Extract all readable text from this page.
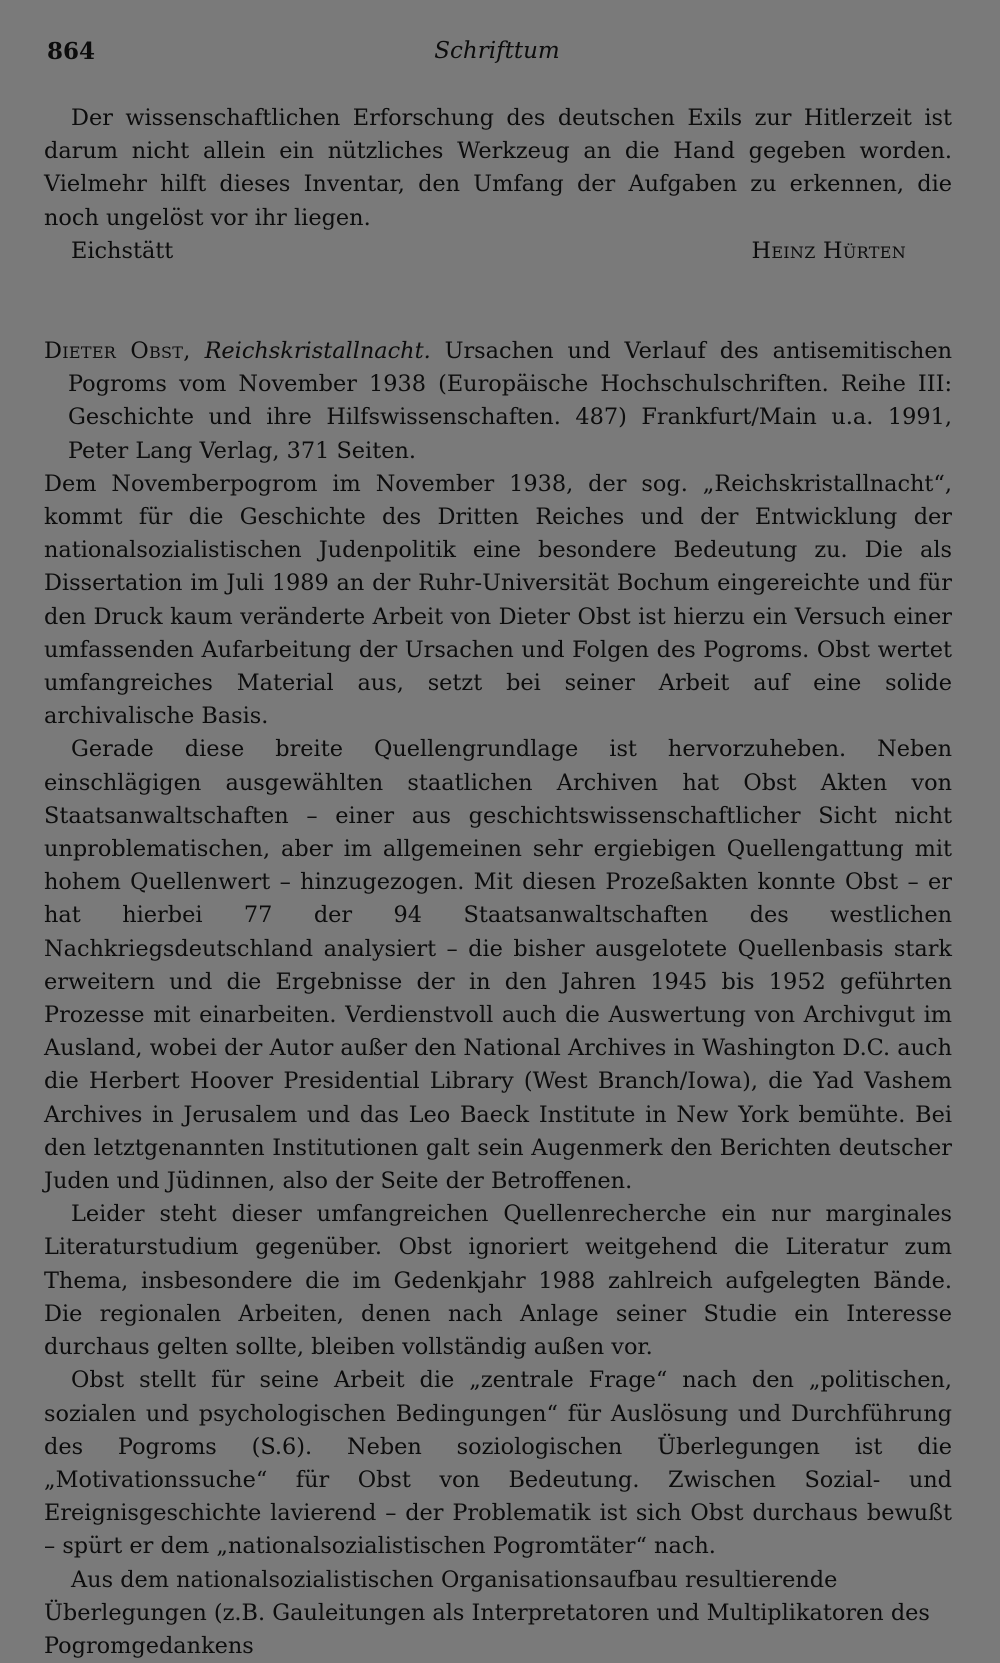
864	Schrifttum

Der wissenschaftlichen Erforschung des deutschen Exils zur Hitlerzeit ist darum nicht allein ein nützliches Werkzeug an die Hand gegeben worden. Vielmehr hilft dieses Inventar, den Umfang der Aufgaben zu erkennen, die noch ungelöst vor ihr liegen.

Eichstätt	Heinz Hürten

Dieter Obst, Reichskristallnacht. Ursachen und Verlauf des antisemitischen Pogroms vom November 1938 (Europäische Hochschulschriften. Reihe III: Geschichte und ihre Hilfswissenschaften. 487) Frankfurt/Main u.a. 1991, Peter Lang Verlag, 371 Seiten.

Dem Novemberpogrom im November 1938, der sog. „Reichskristallnacht“, kommt für die Geschichte des Dritten Reiches und der Entwicklung der nationalsozialistischen Judenpolitik eine besondere Bedeutung zu. Die als Dissertation im Juli 1989 an der Ruhr-Universität Bochum eingereichte und für den Druck kaum veränderte Arbeit von Dieter Obst ist hierzu ein Versuch einer umfassenden Aufarbeitung der Ursachen und Folgen des Pogroms. Obst wertet umfangreiches Material aus, setzt bei seiner Arbeit auf eine solide archivalische Basis.

Gerade diese breite Quellengrundlage ist hervorzuheben. Neben einschlägigen ausgewählten staatlichen Archiven hat Obst Akten von Staatsanwaltschaften – einer aus geschichtswissenschaftlicher Sicht nicht unproblematischen, aber im allgemeinen sehr ergiebigen Quellengattung mit hohem Quellenwert – hinzugezogen. Mit diesen Prozeßakten konnte Obst – er hat hierbei 77 der 94 Staatsanwaltschaften des westlichen Nachkriegsdeutschland analysiert – die bisher ausgelotete Quellenbasis stark erweitern und die Ergebnisse der in den Jahren 1945 bis 1952 geführten Prozesse mit einarbeiten. Verdienstvoll auch die Auswertung von Archivgut im Ausland, wobei der Autor außer den National Archives in Washington D.C. auch die Herbert Hoover Presidential Library (West Branch/Iowa), die Yad Vashem Archives in Jerusalem und das Leo Baeck Institute in New York bemühte. Bei den letztgenannten Institutionen galt sein Augenmerk den Berichten deutscher Juden und Jüdinnen, also der Seite der Betroffenen.

Leider steht dieser umfangreichen Quellenrecherche ein nur marginales Literaturstudium gegenüber. Obst ignoriert weitgehend die Literatur zum Thema, insbesondere die im Gedenkjahr 1988 zahlreich aufgelegten Bände. Die regionalen Arbeiten, denen nach Anlage seiner Studie ein Interesse durchaus gelten sollte, bleiben vollständig außen vor.

Obst stellt für seine Arbeit die „zentrale Frage“ nach den „politischen, sozialen und psychologischen Bedingungen“ für Auslösung und Durchführung des Pogroms (S.6). Neben soziologischen Überlegungen ist die „Motivationssuche“ für Obst von Bedeutung. Zwischen Sozial- und Ereignisgeschichte lavierend – der Problematik ist sich Obst durchaus bewußt – spürt er dem „nationalsozialistischen Pogromtäter“ nach.

Aus dem nationalsozialistischen Organisationsaufbau resultierende Überlegungen (z.B. Gauleitungen als Interpretatoren und Multiplikatoren des Pogromgedankens
